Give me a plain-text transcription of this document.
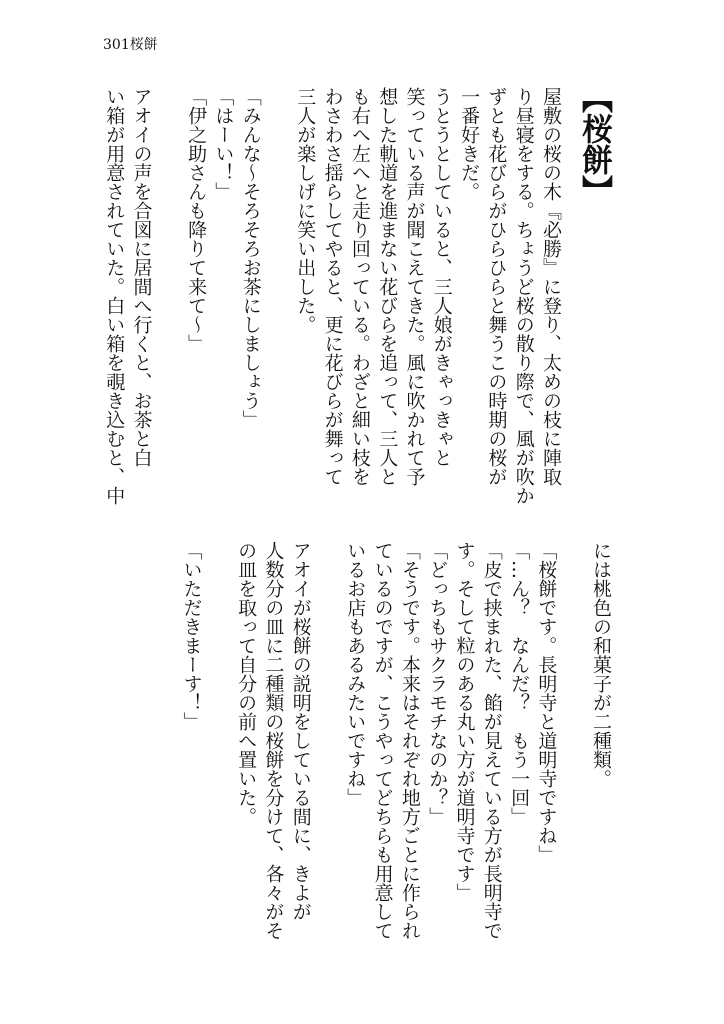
301桜餅
【桜餅】
屋敷の桜の木『必勝』に登り、太めの枝に陣取
り昼寝をする。ちょうど桜の散り際で、風が吹か
ずとも花びらがひらひらと舞うこの時期の桜が
一番好きだ。
うとうとしていると、三人娘がきゃっきゃと
笑っている声が聞こえてきた。風に吹かれて予
想した軌道を進まない花びらを追って、三人と
も右へ左へと走り回っている。わざと細い枝を
わさわさ揺らしてやると、更に花びらが舞って
三人が楽しげに笑い出した。
「みんな〜そろそろお茶にしましょう」
「はーい！」
「伊之助さんも降りて来て〜」
アオイの声を合図に居間へ行くと、お茶と白
い箱が用意されていた。白い箱を覗き込むと、中
には桃色の和菓子が二種類。
「桜餅です。長明寺と道明寺ですね」
「…ん？　なんだ？　もう一回」
「皮で挟まれた、餡が見えている方が長明寺で
す。そして粒のある丸い方が道明寺です」
「どっちもサクラモチなのか？」
「そうです。本来はそれぞれ地方ごとに作られ
ているのですが、こうやってどちらも用意して
いるお店もあるみたいですね」
アオイが桜餅の説明をしている間に、きよが
人数分の皿に二種類の桜餅を分けて、各々がそ
の皿を取って自分の前へ置いた。
「いただきまーす！」
